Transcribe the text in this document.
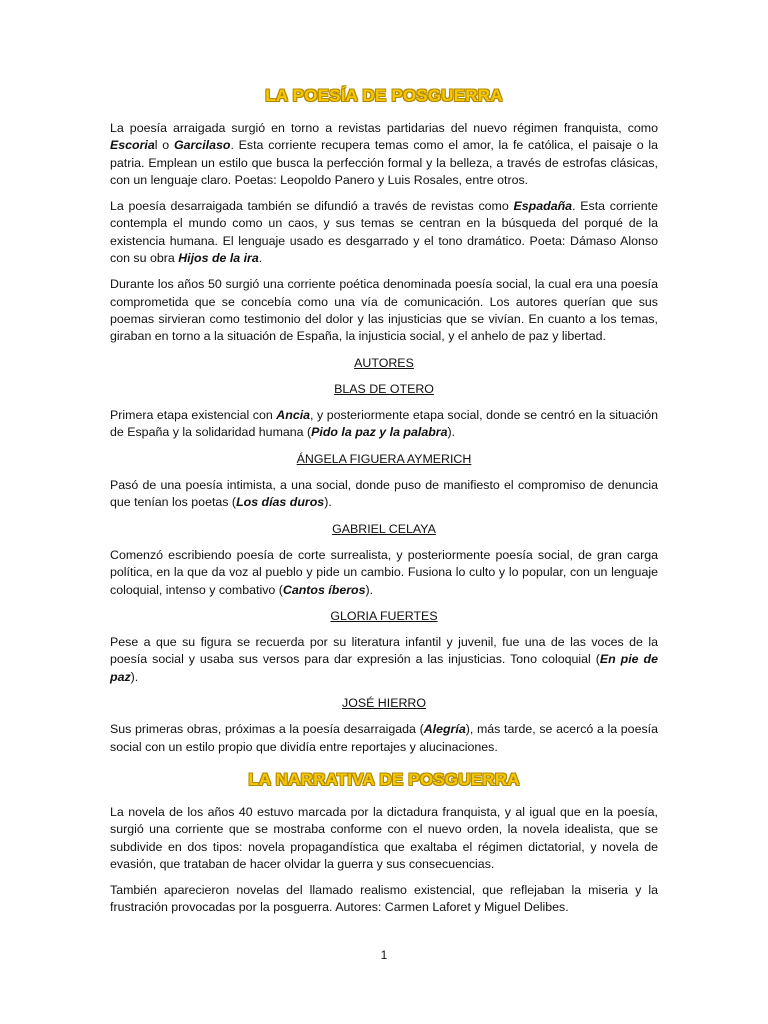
LA POESÍA DE POSGUERRA

La poesía arraigada surgió en torno a revistas partidarias del nuevo régimen franquista, como Escorial o Garcilaso. Esta corriente recupera temas como el amor, la fe católica, el paisaje o la patria. Emplean un estilo que busca la perfección formal y la belleza, a través de estrofas clásicas, con un lenguaje claro. Poetas: Leopoldo Panero y Luis Rosales, entre otros.

La poesía desarraigada también se difundió a través de revistas como Espadaña. Esta corriente contempla el mundo como un caos, y sus temas se centran en la búsqueda del porqué de la existencia humana. El lenguaje usado es desgarrado y el tono dramático. Poeta: Dámaso Alonso con su obra Hijos de la ira.

Durante los años 50 surgió una corriente poética denominada poesía social, la cual era una poesía comprometida que se concebía como una vía de comunicación. Los autores querían que sus poemas sirvieran como testimonio del dolor y las injusticias que se vivían. En cuanto a los temas, giraban en torno a la situación de España, la injusticia social, y el anhelo de paz y libertad.

AUTORES
BLAS DE OTERO

Primera etapa existencial con Ancia, y posteriormente etapa social, donde se centró en la situación de España y la solidaridad humana (Pido la paz y la palabra).

ÁNGELA FIGUERA AYMERICH

Pasó de una poesía intimista, a una social, donde puso de manifiesto el compromiso de denuncia que tenían los poetas (Los días duros).

GABRIEL CELAYA

Comenzó escribiendo poesía de corte surrealista, y posteriormente poesía social, de gran carga política, en la que da voz al pueblo y pide un cambio. Fusiona lo culto y lo popular, con un lenguaje coloquial, intenso y combativo (Cantos íberos).

GLORIA FUERTES

Pese a que su figura se recuerda por su literatura infantil y juvenil, fue una de las voces de la poesía social y usaba sus versos para dar expresión a las injusticias. Tono coloquial (En pie de paz).

JOSÉ HIERRO

Sus primeras obras, próximas a la poesía desarraigada (Alegría), más tarde, se acercó a la poesía social con un estilo propio que dividía entre reportajes y alucinaciones.

LA NARRATIVA DE POSGUERRA

La novela de los años 40 estuvo marcada por la dictadura franquista, y al igual que en la poesía, surgió una corriente que se mostraba conforme con el nuevo orden, la novela idealista, que se subdivide en dos tipos: novela propagandística que exaltaba el régimen dictatorial, y novela de evasión, que trataban de hacer olvidar la guerra y sus consecuencias.

También aparecieron novelas del llamado realismo existencial, que reflejaban la miseria y la frustración provocadas por la posguerra. Autores: Carmen Laforet y Miguel Delibes.

1
